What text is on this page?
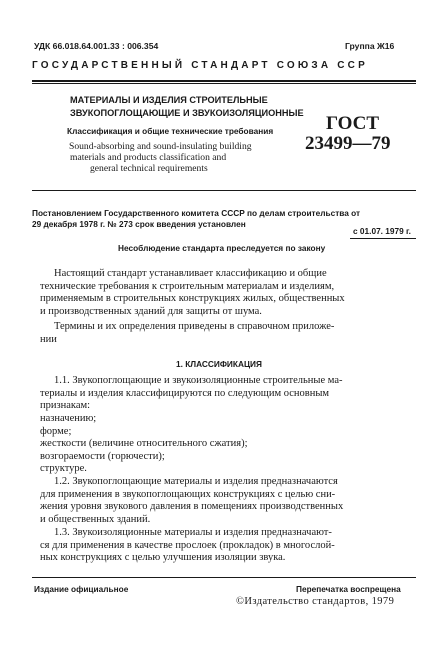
УДК 66.018.64.001.33 : 006.354	Группа Ж16
ГОСУДАРСТВЕННЫЙ СТАНДАРТ СОЮЗА ССР
МАТЕРИАЛЫ И ИЗДЕЛИЯ СТРОИТЕЛЬНЫЕ
ЗВУКОПОГЛОЩАЮЩИЕ И ЗВУКОИЗОЛЯЦИОННЫЕ
Классификация и общие технические требования
Sound-absorbing and sound-insulating building
materials and products classification and
general technical requirements
ГОСТ
23499—79
Постановлением Государственного комитета СССР по делам строительства от
29 декабря 1978 г. № 273 срок введения установлен
с 01.07. 1979 г.
Несоблюдение стандарта преследуется по закону
Настоящий стандарт устанавливает классификацию и общие
технические требования к строительным материалам и изделиям,
применяемым в строительных конструкциях жилых, общественных
и производственных зданий для защиты от шума.
Термины и их определения приведены в справочном приложе-
нии
1. КЛАССИФИКАЦИЯ
1.1. Звукопоглощающие и звукоизоляционные строительные ма-
териалы и изделия классифицируются по следующим основным
признакам:
назначению;
форме;
жесткости (величине относительного сжатия);
возгораемости (горючести);
структуре.
1.2. Звукопоглощающие материалы и изделия предназначаются
для применения в звукопоглощающих конструкциях с целью сни-
жения уровня звукового давления в помещениях производственных
и общественных зданий.
1.3. Звукоизоляционные материалы и изделия предназначают-
ся для применения в качестве прослоек (прокладок) в многослой-
ных конструкциях с целью улучшения изоляции звука.
Издание официальное	Перепечатка воспрещена
©Издательство стандартов, 1979
